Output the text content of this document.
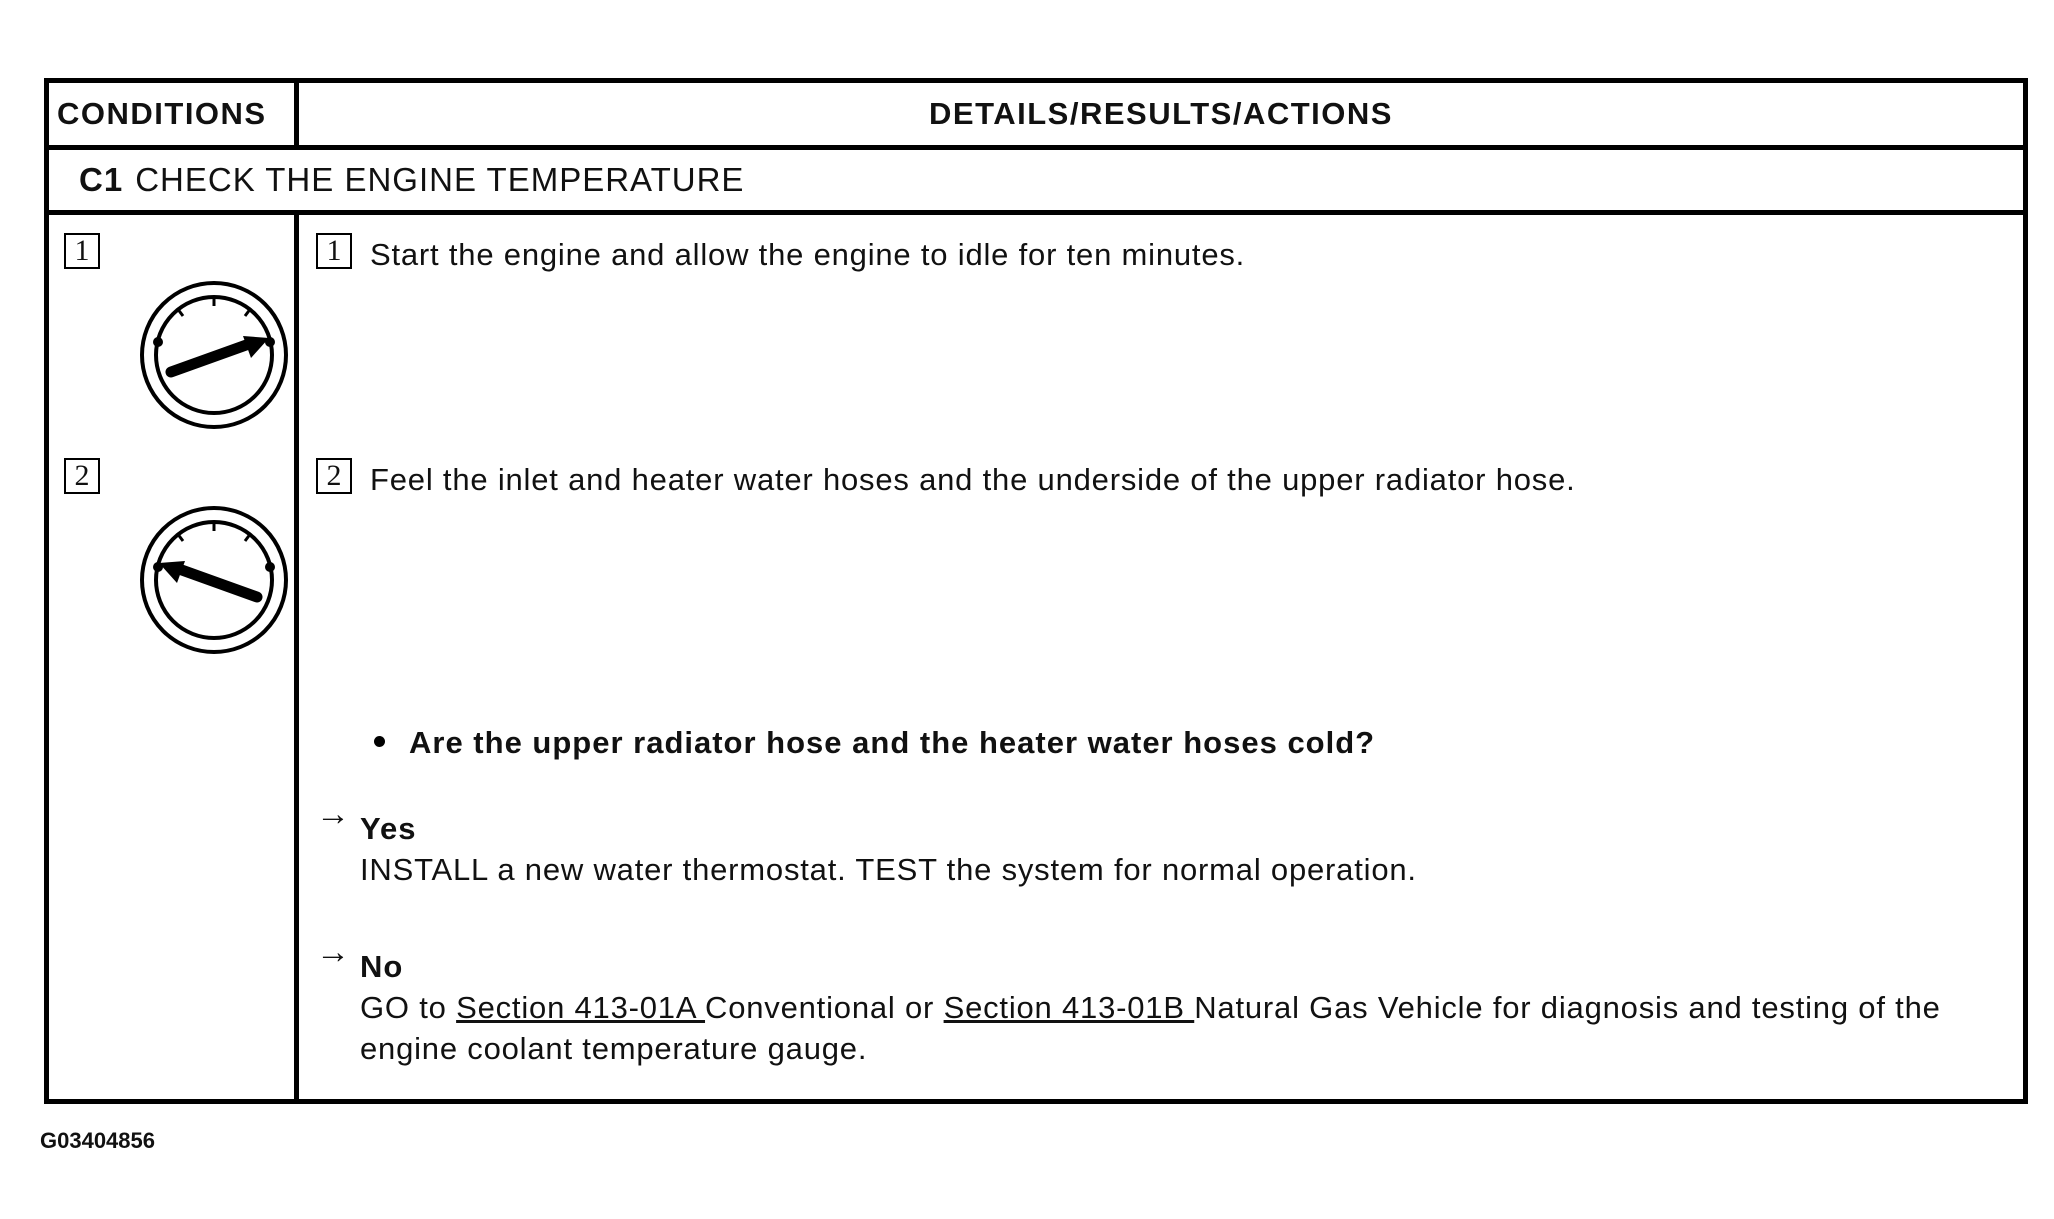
CONDITIONS	DETAILS/RESULTS/ACTIONS
C1 CHECK THE ENGINE TEMPERATURE
1
2
1 Start the engine and allow the engine to idle for ten minutes.
2 Feel the inlet and heater water hoses and the underside of the upper radiator hose.
Are the upper radiator hose and the heater water hoses cold?
→ Yes
INSTALL a new water thermostat. TEST the system for normal operation.
→ No
GO to Section 413-01A Conventional or Section 413-01B Natural Gas Vehicle for diagnosis and testing of the engine coolant temperature gauge.
G03404856
